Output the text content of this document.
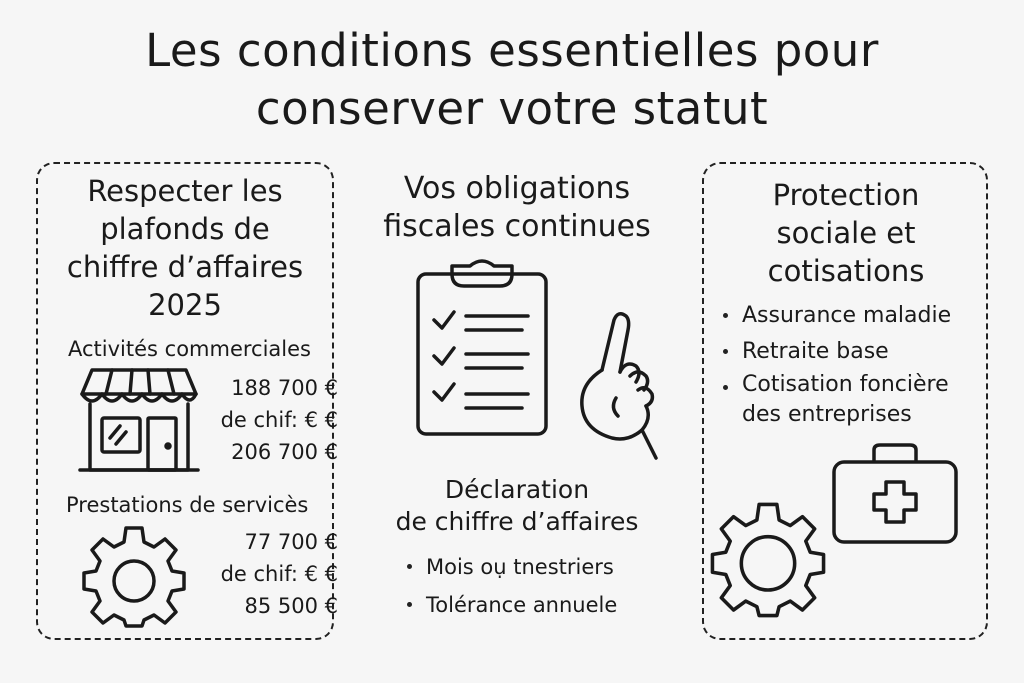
Les conditions essentielles pour
conserver votre statut
Respecter les
plafonds de
chiffre d’affaires
2025
Activités commerciales
188 700 €
de chif: € €
206 700 €
Prestations de servicès
77 700 €
de chif: € €
85 500 €
Vos obligations
fiscales continues
Déclaration
de chiffre d’affaires
Mois oụ tnestriers
Tolérance annuele
Protection
sociale et
cotisations
Assurance maladie
Retraite base
Cotisation foncière
des entreprises
